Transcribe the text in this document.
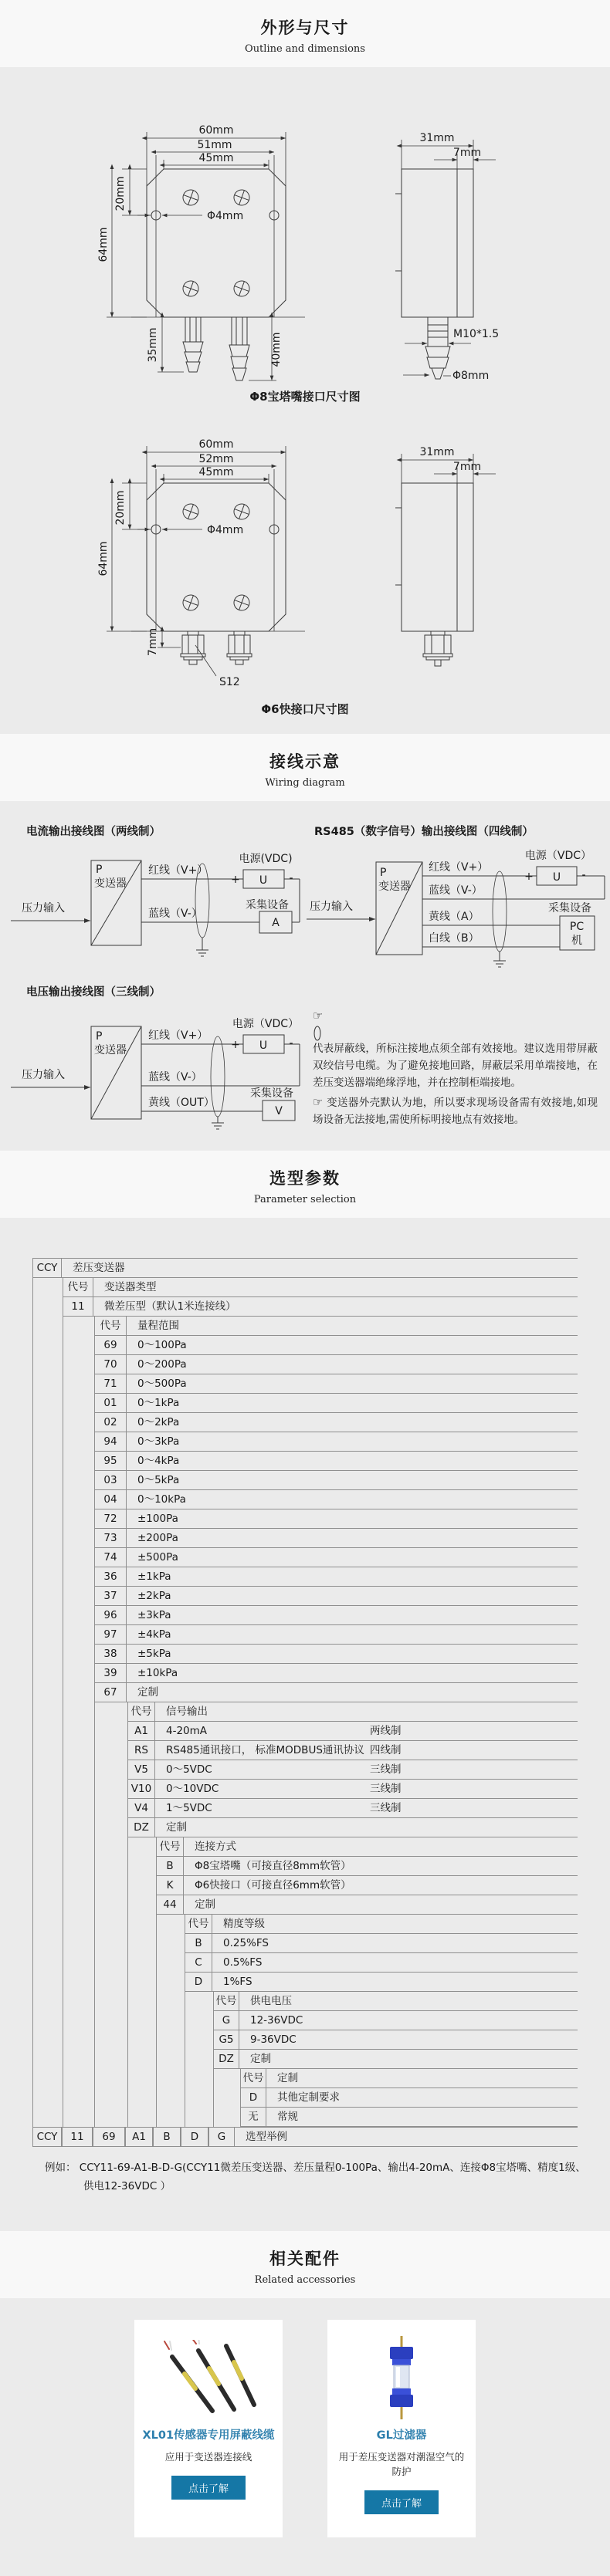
外形与尺寸
Outline and dimensions
60mm
51mm
45mm
20mm
64mm
Φ4mm
35mm	40mm
31mm
7mm
M10*1.5
Φ8mm
Φ8宝塔嘴接口尺寸图
60mm
52mm
45mm
20mm
64mm
Φ4mm
7mm
S12
31mm
7mm
Φ6快接口尺寸图
接线示意
Wiring diagram
电流输出接线图（两线制）
P
变送器
压力输入
红线（V+）
蓝线（V-）
电源(VDC)
U
+	-
采集设备
A
RS485（数字信号）输出接线图（四线制）
P
变送器
压力输入
红线（V+）
蓝线（V-）
黄线（A）
白线（B）
电源（VDC）
U
+	-
采集设备
PC
机
电压输出接线图（三线制）
P
变送器
压力输入
红线（V+）
蓝线（V-）
黄线（OUT）
电源（VDC）
U
+	-
采集设备
V

☞
代表屏蔽线，所标注接地点须全部有效接地。建议选用带屏蔽双绞信号电缆。为了避免接地回路，屏蔽层采用单端接地，在差压变送器端绝缘浮地，并在控制柜端接地。

☞ 变送器外壳默认为地，所以要求现场设备需有效接地,如现场设备无法接地,需使所标明接地点有效接地。

选型参数
Parameter selection
CCY	差压变送器
代号	变送器类型
11	微差压型（默认1米连接线）
代号	量程范围
69	0～100Pa
70	0～200Pa
71	0～500Pa
01	0～1kPa
02	0～2kPa
94	0～3kPa
95	0～4kPa
03	0～5kPa
04	0～10kPa
72	±100Pa
73	±200Pa
74	±500Pa
36	±1kPa
37	±2kPa
96	±3kPa
97	±4kPa
38	±5kPa
39	±10kPa
67	定制
代号	信号输出
A1	4-20mA	两线制
RS	RS485通讯接口， 标准MODBUS通讯协议 四线制
V5	0～5VDC	三线制
V10	0～10VDC	三线制
V4	1～5VDC	三线制
DZ	定制
代号	连接方式
B	Φ8宝塔嘴（可接直径8mm软管）
K	Φ6快接口（可接直径6mm软管）
44	定制
代号	精度等级
B	0.25%FS
C	0.5%FS
D	1%FS
代号	供电电压
G	12-36VDC
G5	9-36VDC
DZ	定制
代号	定制
D	其他定制要求
无	常规
CCY	11	69	A1	B	D	G	选型举例
例如： CCY11-69-A1-B-D-G(CCY11微差压变送器、差压量程0-100Pa、输出4-20mA、连接Φ8宝塔嘴、精度1级、
供电12-36VDC ）
相关配件
Related accessories
XL01传感器专用屏蔽线缆
应用于变送器连接线
点击了解
GL过滤器
用于差压变送器对潮湿空气的防护
点击了解
